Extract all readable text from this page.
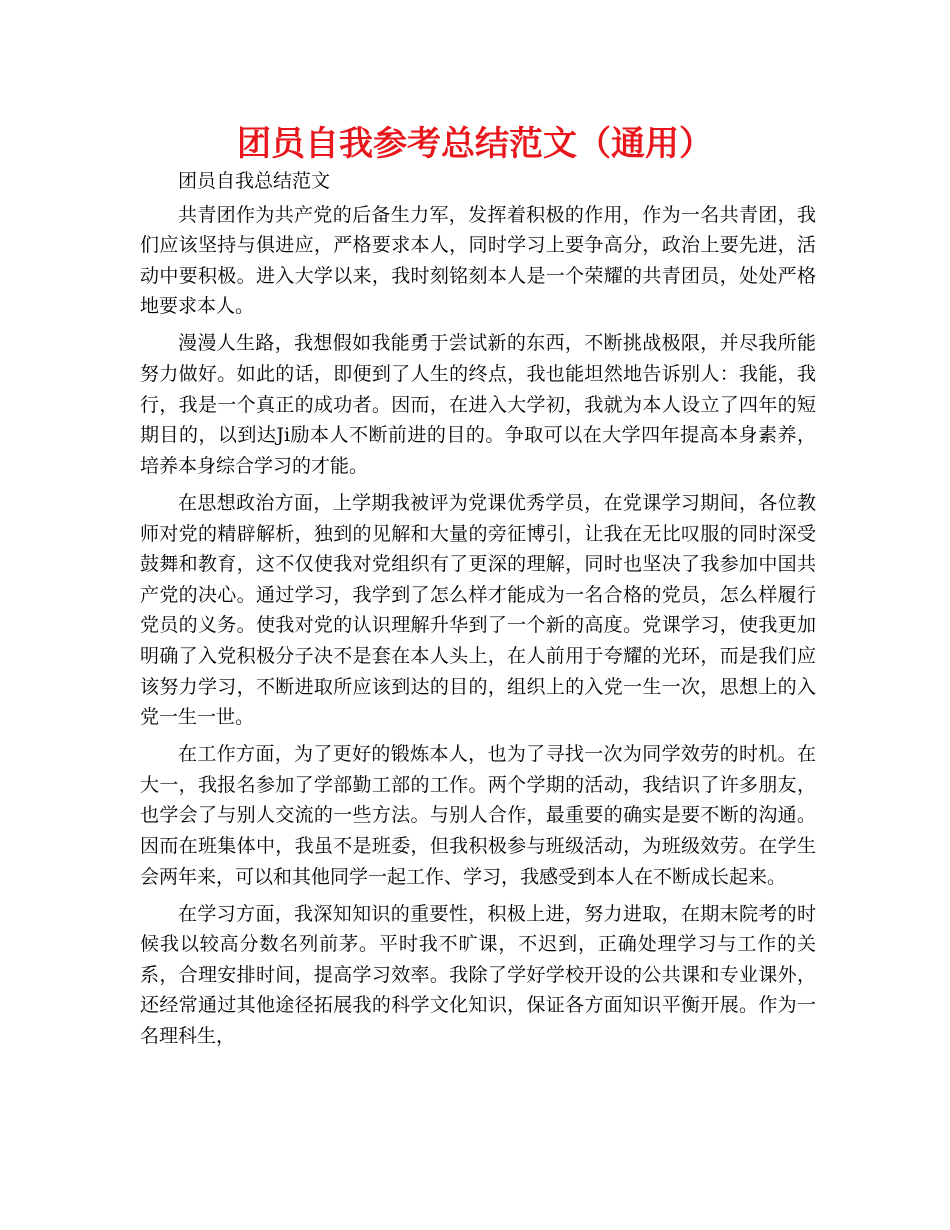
团员自我参考总结范文（通用）

团员自我总结范文

共青团作为共产党的后备生力军，发挥着积极的作用，作为一名共青团，我们应该坚持与俱进应，严格要求本人，同时学习上要争高分，政治上要先进，活动中要积极。进入大学以来，我时刻铭刻本人是一个荣耀的共青团员，处处严格地要求本人。

漫漫人生路，我想假如我能勇于尝试新的东西，不断挑战极限，并尽我所能努力做好。如此的话，即便到了人生的终点，我也能坦然地告诉别人：我能，我行，我是一个真正的成功者。因而，在进入大学初，我就为本人设立了四年的短期目的，以到达Ji励本人不断前进的目的。争取可以在大学四年提高本身素养，培养本身综合学习的才能。

在思想政治方面，上学期我被评为党课优秀学员，在党课学习期间，各位教师对党的精辟解析，独到的见解和大量的旁征博引，让我在无比叹服的同时深受鼓舞和教育，这不仅使我对党组织有了更深的理解，同时也坚决了我参加中国共产党的决心。通过学习，我学到了怎么样才能成为一名合格的党员，怎么样履行党员的义务。使我对党的认识理解升华到了一个新的高度。党课学习，使我更加明确了入党积极分子决不是套在本人头上，在人前用于夸耀的光环，而是我们应该努力学习，不断进取所应该到达的目的，组织上的入党一生一次，思想上的入党一生一世。

在工作方面，为了更好的锻炼本人，也为了寻找一次为同学效劳的时机。在大一，我报名参加了学部勤工部的工作。两个学期的活动，我结识了许多朋友，也学会了与别人交流的一些方法。与别人合作，最重要的确实是要不断的沟通。因而在班集体中，我虽不是班委，但我积极参与班级活动，为班级效劳。在学生会两年来，可以和其他同学一起工作、学习，我感受到本人在不断成长起来。

在学习方面，我深知知识的重要性，积极上进，努力进取，在期末院考的时候我以较高分数名列前茅。平时我不旷课，不迟到，正确处理学习与工作的关系，合理安排时间，提高学习效率。我除了学好学校开设的公共课和专业课外，还经常通过其他途径拓展我的科学文化知识，保证各方面知识平衡开展。作为一名理科生，
